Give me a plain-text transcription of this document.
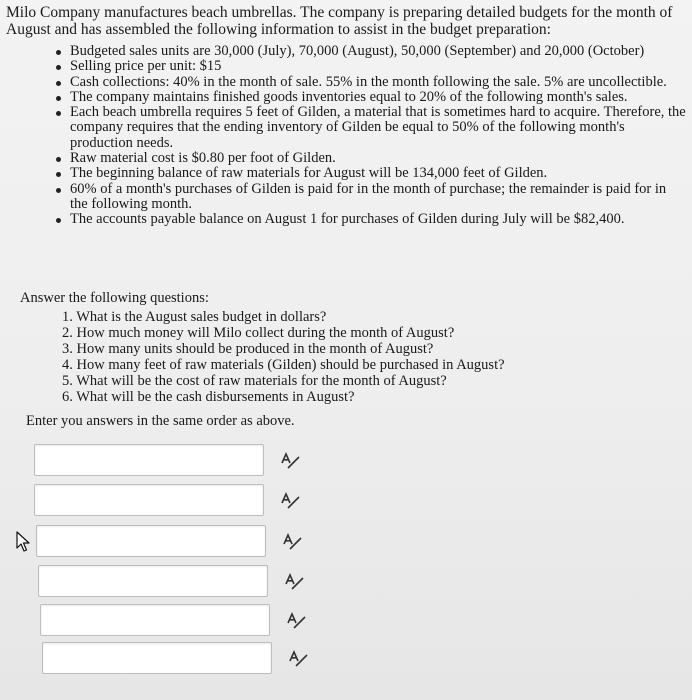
Milo Company manufactures beach umbrellas. The company is preparing detailed budgets for the month of August and has assembled the following information to assist in the budget preparation:

Budgeted sales units are 30,000 (July), 70,000 (August), 50,000 (September) and 20,000 (October)
Selling price per unit: $15
Cash collections: 40% in the month of sale. 55% in the month following the sale. 5% are uncollectible.
The company maintains finished goods inventories equal to 20% of the following month's sales.
Each beach umbrella requires 5 feet of Gilden, a material that is sometimes hard to acquire. Therefore, the company requires that the ending inventory of Gilden be equal to 50% of the following month's production needs.
Raw material cost is $0.80 per foot of Gilden.
The beginning balance of raw materials for August will be 134,000 feet of Gilden.
60% of a month's purchases of Gilden is paid for in the month of purchase; the remainder is paid for in the following month.
The accounts payable balance on August 1 for purchases of Gilden during July will be $82,400.

Answer the following questions:

1. What is the August sales budget in dollars?
2. How much money will Milo collect during the month of August?
3. How many units should be produced in the month of August?
4. How many feet of raw materials (Gilden) should be purchased in August?
5. What will be the cost of raw materials for the month of August?
6. What will be the cash disbursements in August?

Enter you answers in the same order as above.
